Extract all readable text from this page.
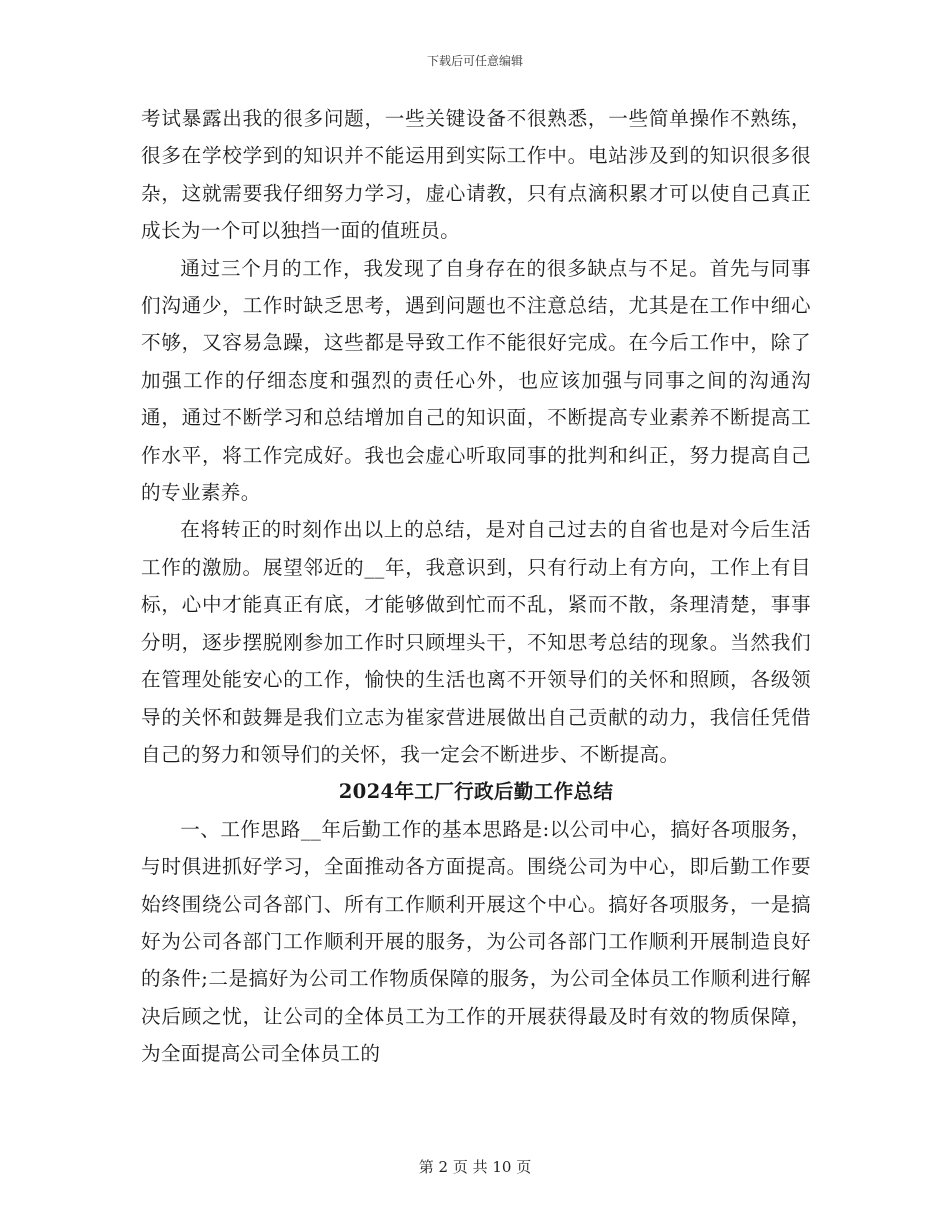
下载后可任意编辑

考试暴露出我的很多问题，一些关键设备不很熟悉，一些简单操作不熟练，很多在学校学到的知识并不能运用到实际工作中。电站涉及到的知识很多很杂，这就需要我仔细努力学习，虚心请教，只有点滴积累才可以使自己真正成长为一个可以独挡一面的值班员。

通过三个月的工作，我发现了自身存在的很多缺点与不足。首先与同事们沟通少，工作时缺乏思考，遇到问题也不注意总结，尤其是在工作中细心不够，又容易急躁，这些都是导致工作不能很好完成。在今后工作中，除了加强工作的仔细态度和强烈的责任心外，也应该加强与同事之间的沟通沟通，通过不断学习和总结增加自己的知识面，不断提高专业素养不断提高工作水平，将工作完成好。我也会虚心听取同事的批判和纠正，努力提高自己的专业素养。

在将转正的时刻作出以上的总结，是对自己过去的自省也是对今后生活工作的激励。展望邻近的__年，我意识到，只有行动上有方向，工作上有目标，心中才能真正有底，才能够做到忙而不乱，紧而不散，条理清楚，事事分明，逐步摆脱刚参加工作时只顾埋头干，不知思考总结的现象。当然我们在管理处能安心的工作，愉快的生活也离不开领导们的关怀和照顾，各级领导的关怀和鼓舞是我们立志为崔家营进展做出自己贡献的动力，我信任凭借自己的努力和领导们的关怀，我一定会不断进步、不断提高。

2024年工厂行政后勤工作总结

一、工作思路__年后勤工作的基本思路是:以公司中心，搞好各项服务，与时俱进抓好学习，全面推动各方面提高。围绕公司为中心，即后勤工作要始终围绕公司各部门、所有工作顺利开展这个中心。搞好各项服务，一是搞好为公司各部门工作顺利开展的服务，为公司各部门工作顺利开展制造良好的条件;二是搞好为公司工作物质保障的服务，为公司全体员工作顺利进行解决后顾之忧，让公司的全体员工为工作的开展获得最及时有效的物质保障，为全面提高公司全体员工的

第 2 页 共 10 页
